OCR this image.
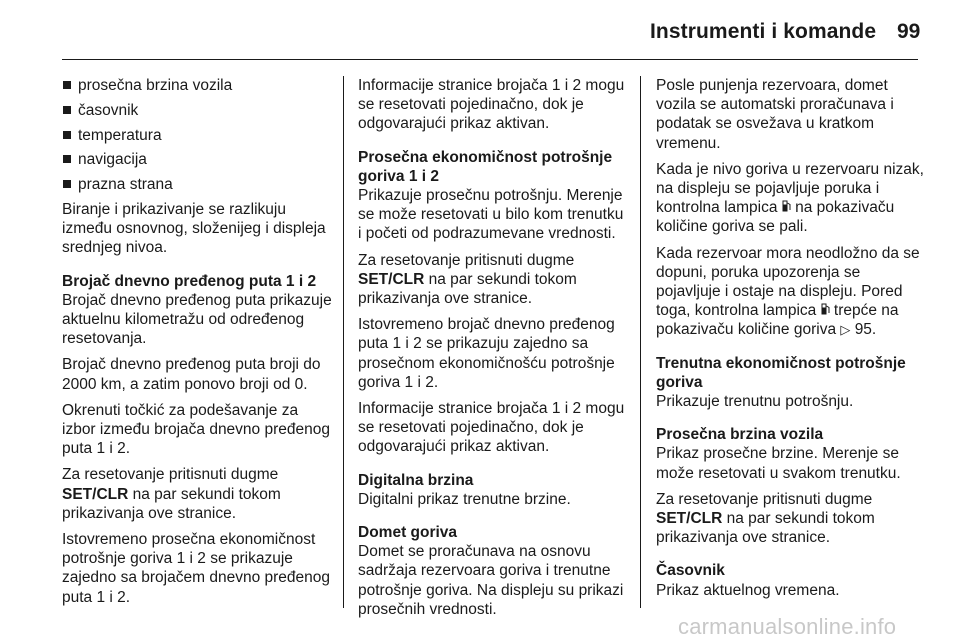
Instrumenti i komande 99
prosečna brzina vozila
časovnik
temperatura
navigacija
prazna strana

Biranje i prikazivanje se razlikuju između osnovnog, složenijeg i displeja srednjeg nivoa.

Brojač dnevno pređenog puta 1 i 2

Brojač dnevno pređenog puta prikazuje aktuelnu kilometražu od određenog resetovanja.

Brojač dnevno pređenog puta broji do 2000 km, a zatim ponovo broji od 0.

Okrenuti točkić za podešavanje za izbor između brojača dnevno pređenog puta 1 i 2.

Za resetovanje pritisnuti dugme SET/CLR na par sekundi tokom prikazivanja ove stranice.

Istovremeno prosečna ekonomičnost potrošnje goriva 1 i 2 se prikazuje zajedno sa brojačem dnevno pređenog puta 1 i 2.

Informacije stranice brojača 1 i 2 mogu se resetovati pojedinačno, dok je odgovarajući prikaz aktivan.

Prosečna ekonomičnost potrošnje goriva 1 i 2

Prikazuje prosečnu potrošnju. Merenje se može resetovati u bilo kom trenutku i početi od podrazumevane vrednosti.

Za resetovanje pritisnuti dugme SET/CLR na par sekundi tokom prikazivanja ove stranice.

Istovremeno brojač dnevno pređenog puta 1 i 2 se prikazuju zajedno sa prosečnom ekonomičnošću potrošnje goriva 1 i 2.

Informacije stranice brojača 1 i 2 mogu se resetovati pojedinačno, dok je odgovarajući prikaz aktivan.

Digitalna brzina

Digitalni prikaz trenutne brzine.

Domet goriva

Domet se proračunava na osnovu sadržaja rezervoara goriva i trenutne potrošnje goriva. Na displeju su prikazi prosečnih vrednosti.

Posle punjenja rezervoara, domet vozila se automatski proračunava i podatak se osvežava u kratkom vremenu.

Kada je nivo goriva u rezervoaru nizak, na displeju se pojavljuje poruka i kontrolna lampica  na pokazivaču količine goriva se pali.

Kada rezervoar mora neodložno da se dopuni, poruka upozorenja se pojavljuje i ostaje na displeju. Pored toga, kontrolna lampica  trepće na pokazivaču količine goriva ▷ 95.

Trenutna ekonomičnost potrošnje goriva

Prikazuje trenutnu potrošnju.

Prosečna brzina vozila

Prikaz prosečne brzine. Merenje se može resetovati u svakom trenutku.

Za resetovanje pritisnuti dugme SET/CLR na par sekundi tokom prikazivanja ove stranice.

Časovnik

Prikaz aktuelnog vremena.

carmanualsonline.info
